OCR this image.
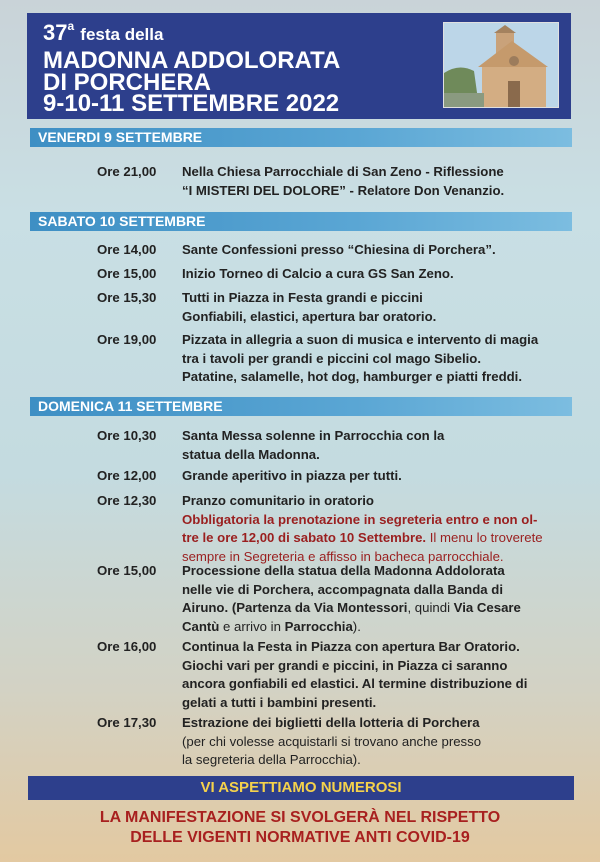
37$^a$ festa della
MADONNA ADDOLORATA
DI PORCHERA
9-10-11 SETTEMBRE 2022
VENERDI 9 SETTEMBRE
Ore 21,00	Nella Chiesa Parrocchiale di San Zeno - Riflessione
“I MISTERI DEL DOLORE” - Relatore Don Venanzio.
SABATO 10 SETTEMBRE
Ore 14,00	Sante Confessioni presso “Chiesina di Porchera”.
Ore 15,00	Inizio Torneo di Calcio a cura GS San Zeno.
Ore 15,30	Tutti in Piazza in Festa grandi e piccini
Gonfiabili, elastici, apertura bar oratorio.
Ore 19,00	Pizzata in allegria a suon di musica e intervento di magia
tra i tavoli per grandi e piccini col mago Sibelio.
Patatine, salamelle, hot dog, hamburger e piatti freddi.
DOMENICA 11 SETTEMBRE
Ore 10,30	Santa Messa solenne in Parrocchia con la
statua della Madonna.
Ore 12,00	Grande aperitivo in piazza per tutti.
Ore 12,30	Pranzo comunitario in oratorio
Obbligatoria la prenotazione in segreteria entro e non ol-
tre le ore 12,00 di sabato 10 Settembre. Il menu lo troverete
sempre in Segreteria e affisso in bacheca parrocchiale.
Ore 15,00	Processione della statua della Madonna Addolorata
nelle vie di Porchera, accompagnata dalla Banda di
Airuno. (Partenza da Via Montessori, quindi Via Cesare
Cantù e arrivo in Parrocchia).
Ore 16,00	Continua la Festa in Piazza con apertura Bar Oratorio.
Giochi vari per grandi e piccini, in Piazza ci saranno
ancora gonfiabili ed elastici. Al termine distribuzione di
gelati a tutti i bambini presenti.
Ore 17,30	Estrazione dei biglietti della lotteria di Porchera
(per chi volesse acquistarli si trovano anche presso
la segreteria della Parrocchia).
VI ASPETTIAMO NUMEROSI
LA MANIFESTAZIONE SI SVOLGERÀ NEL RISPETTO
DELLE VIGENTI NORMATIVE ANTI COVID-19
